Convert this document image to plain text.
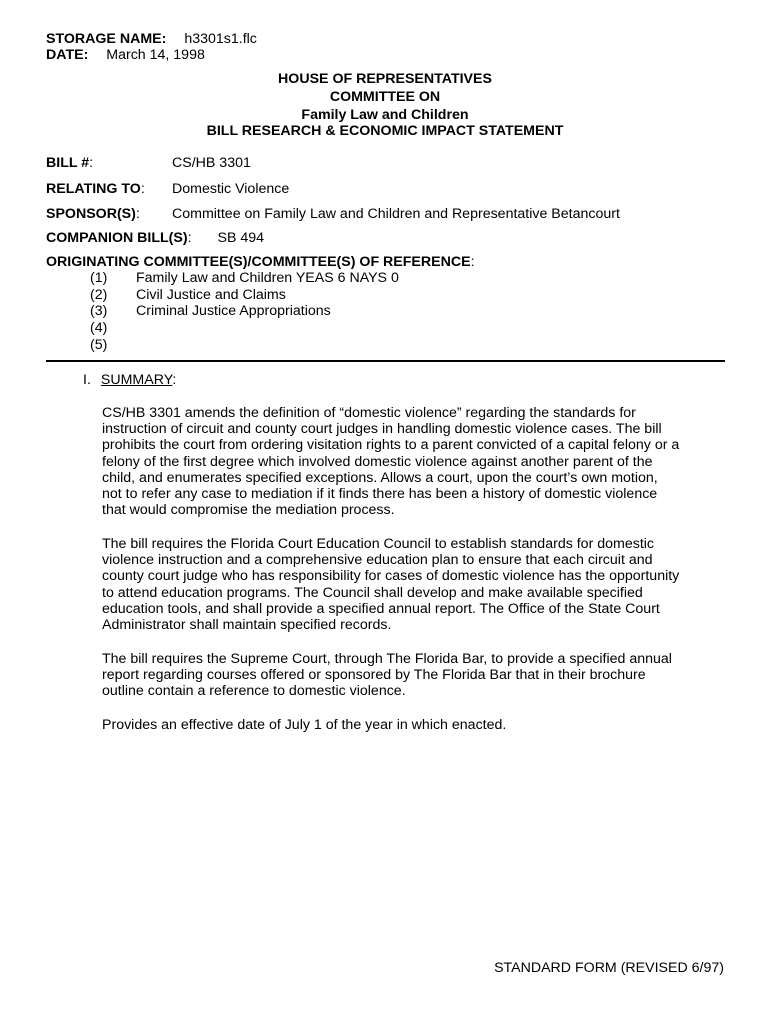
STORAGE NAME: h3301s1.flc
DATE: March 14, 1998
HOUSE OF REPRESENTATIVES
COMMITTEE ON
Family Law and Children
BILL RESEARCH & ECONOMIC IMPACT STATEMENT
BILL #:	CS/HB 3301
RELATING TO: Domestic Violence
SPONSOR(S): Committee on Family Law and Children and Representative Betancourt
COMPANION BILL(S): SB 494
ORIGINATING COMMITTEE(S)/COMMITTEE(S) OF REFERENCE:
(1) Family Law and Children YEAS 6 NAYS 0
(2) Civil Justice and Claims
(3) Criminal Justice Appropriations
(4)
(5)
I. SUMMARY:
CS/HB 3301 amends the definition of “domestic violence” regarding the standards for
instruction of circuit and county court judges in handling domestic violence cases. The bill
prohibits the court from ordering visitation rights to a parent convicted of a capital felony or a
felony of the first degree which involved domestic violence against another parent of the
child, and enumerates specified exceptions. Allows a court, upon the court’s own motion,
not to refer any case to mediation if it finds there has been a history of domestic violence
that would compromise the mediation process.
The bill requires the Florida Court Education Council to establish standards for domestic
violence instruction and a comprehensive education plan to ensure that each circuit and
county court judge who has responsibility for cases of domestic violence has the opportunity
to attend education programs. The Council shall develop and make available specified
education tools, and shall provide a specified annual report. The Office of the State Court
Administrator shall maintain specified records.
The bill requires the Supreme Court, through The Florida Bar, to provide a specified annual
report regarding courses offered or sponsored by The Florida Bar that in their brochure
outline contain a reference to domestic violence.
Provides an effective date of July 1 of the year in which enacted.
STANDARD FORM (REVISED 6/97)
